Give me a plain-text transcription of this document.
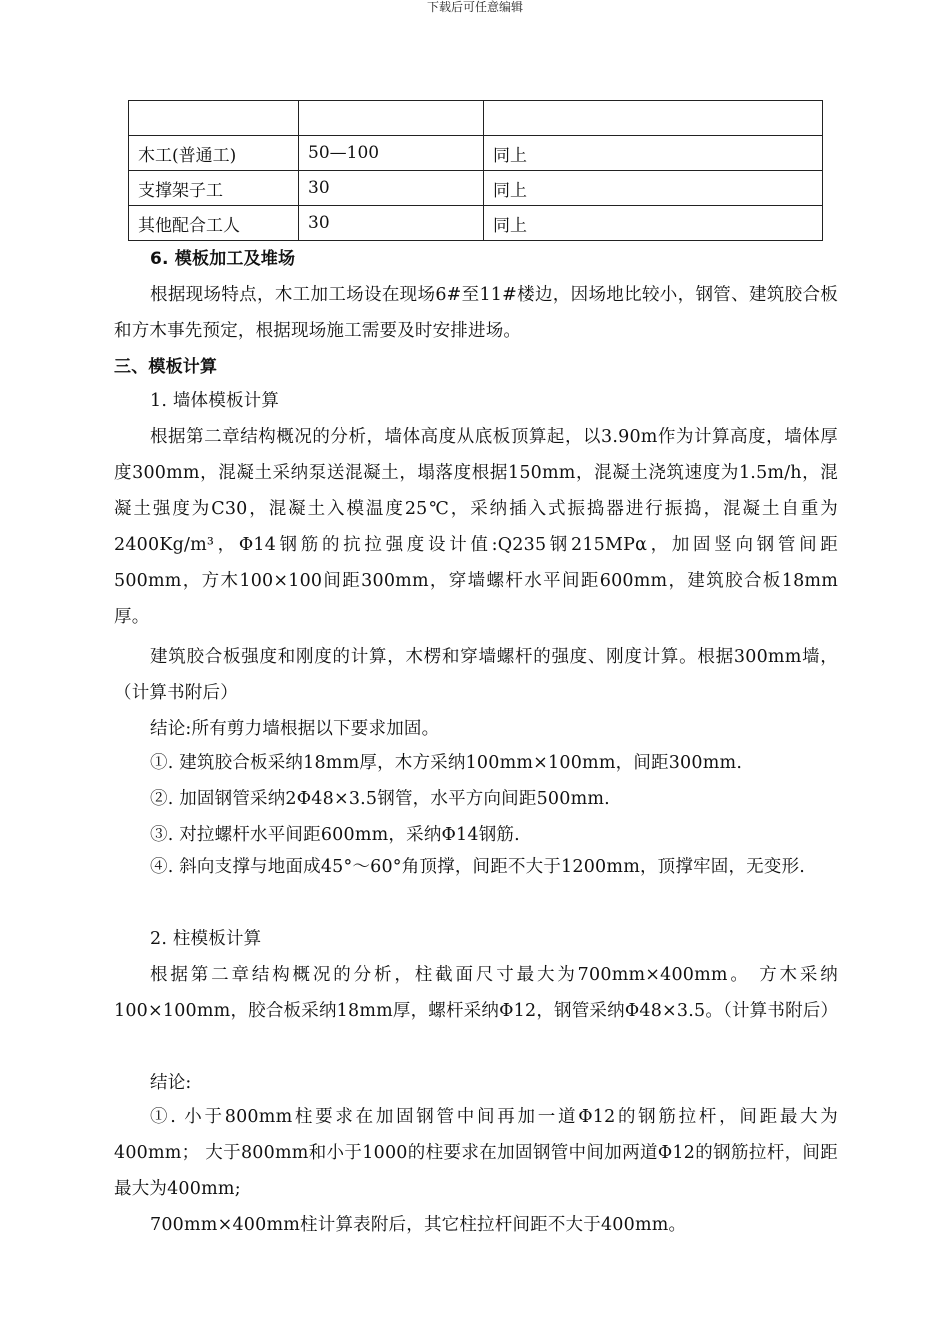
下载后可任意编辑

木工(普通工)	50—100	同上
支撑架子工	30	同上
其他配合工人	30	同上
6. 模板加工及堆场
根据现场特点，木工加工场设在现场6#至11#楼边，因场地比较小，钢管、建筑胶合板和方木事先预定，根据现场施工需要及时安排进场。
三、模板计算
1. 墙体模板计算
根据第二章结构概况的分析，墙体高度从底板顶算起，以3.90m作为计算高度，墙体厚度300mm，混凝土采纳泵送混凝土，塌落度根据150mm，混凝土浇筑速度为1.5m/h，混凝土强度为C30，混凝土入模温度25℃，采纳插入式振捣器进行振捣，混凝土自重为2400Kg/m³，Φ14钢筋的抗拉强度设计值:Q235钢215MPα，加固竖向钢管间距500mm，方木100×100间距300mm，穿墙螺杆水平间距600mm，建筑胶合板18mm厚。
建筑胶合板强度和刚度的计算，木楞和穿墙螺杆的强度、刚度计算。根据300mm墙，（计算书附后）
结论:所有剪力墙根据以下要求加固。
①. 建筑胶合板采纳18mm厚，木方采纳100mm×100mm，间距300mm.
②. 加固钢管采纳2Φ48×3.5钢管，水平方向间距500mm.
③. 对拉螺杆水平间距600mm，采纳Φ14钢筋.
④. 斜向支撑与地面成45°～60°角顶撑，间距不大于1200mm，顶撑牢固，无变形.
2. 柱模板计算
根据第二章结构概况的分析，柱截面尺寸最大为700mm×400mm。 方木采纳100×100mm，胶合板采纳18mm厚，螺杆采纳Φ12，钢管采纳Φ48×3.5。（计算书附后）
结论:
①. 小于800mm柱要求在加固钢管中间再加一道Φ12的钢筋拉杆，间距最大为400mm； 大于800mm和小于1000的柱要求在加固钢管中间加两道Φ12的钢筋拉杆，间距最大为400mm;
700mm×400mm柱计算表附后，其它柱拉杆间距不大于400mm。
